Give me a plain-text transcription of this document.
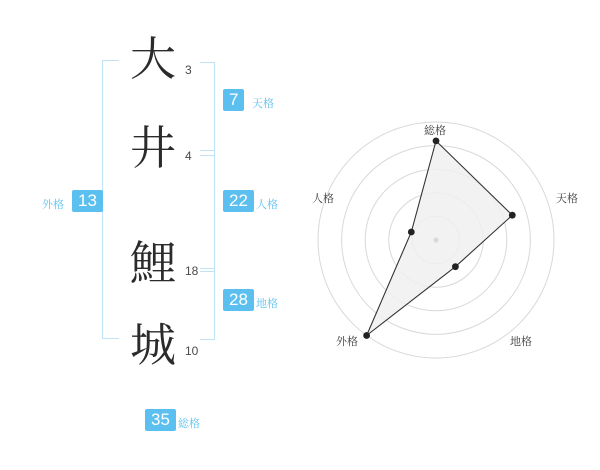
大 3
井 4
鯉 18
城 10
7	天格
22 人格
28 地格
外格 13
35 総格
総格
天格
地格
外格
人格
